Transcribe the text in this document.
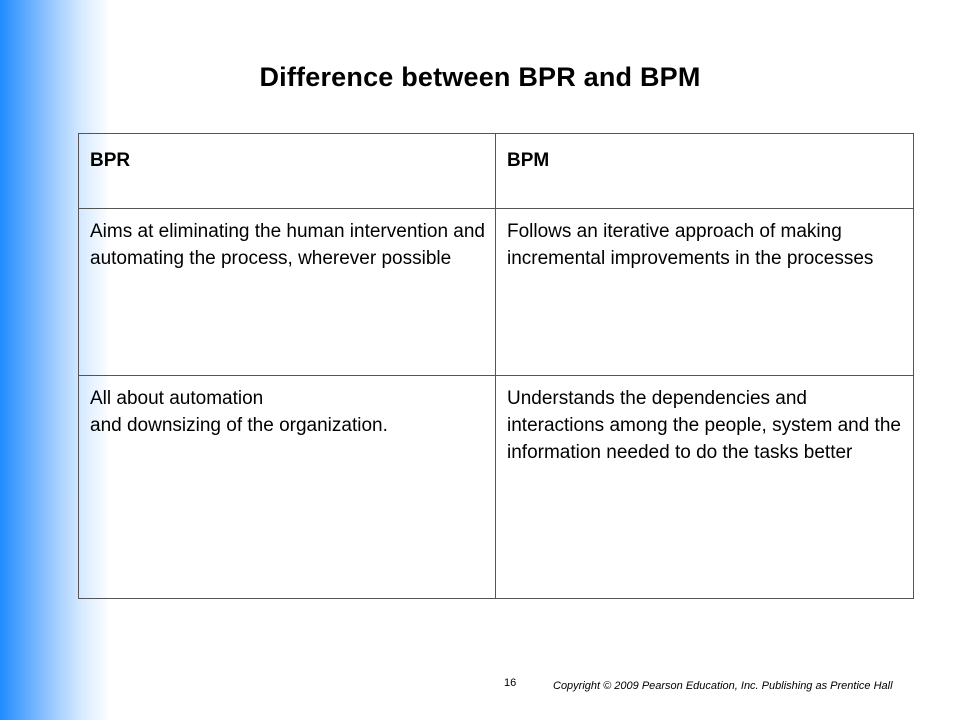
Difference between BPR and BPM
BPR	BPM
Aims at eliminating the human intervention and automating the process, wherever possible	Follows an iterative approach of making incremental improvements in the processes

All about automation
and downsizing of the organization.	Understands the dependencies and interactions among the people, system and the information needed to do the tasks better
16	Copyright © 2009 Pearson Education, Inc. Publishing as Prentice Hall
